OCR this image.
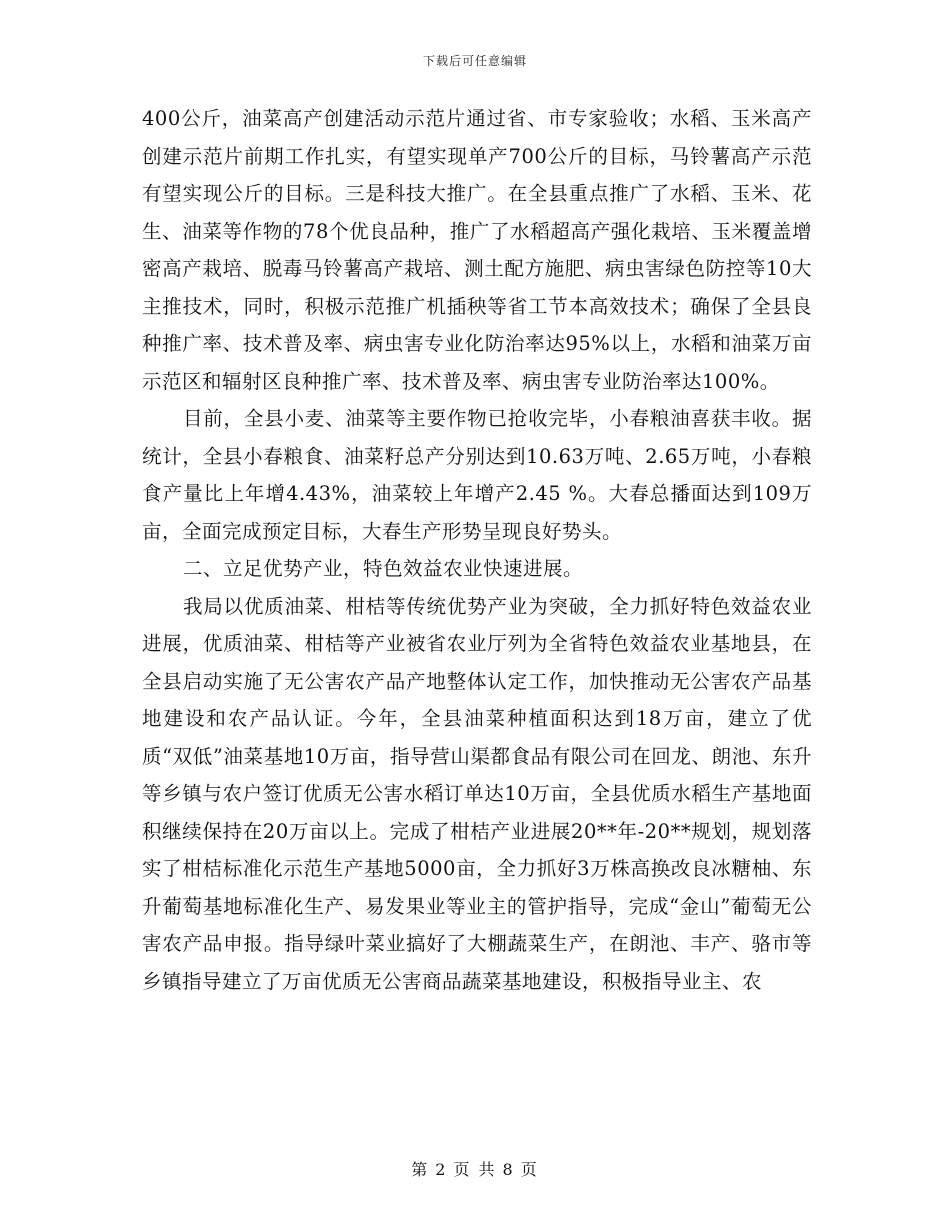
下载后可任意编辑

400公斤，油菜高产创建活动示范片通过省、市专家验收；水稻、玉米高产创建示范片前期工作扎实，有望实现单产700公斤的目标，马铃薯高产示范有望实现公斤的目标。三是科技大推广。在全县重点推广了水稻、玉米、花生、油菜等作物的78个优良品种，推广了水稻超高产强化栽培、玉米覆盖增密高产栽培、脱毒马铃薯高产栽培、测土配方施肥、病虫害绿色防控等10大主推技术，同时，积极示范推广机插秧等省工节本高效技术；确保了全县良种推广率、技术普及率、病虫害专业化防治率达95%以上，水稻和油菜万亩示范区和辐射区良种推广率、技术普及率、病虫害专业防治率达100%。

目前，全县小麦、油菜等主要作物已抢收完毕，小春粮油喜获丰收。据统计，全县小春粮食、油菜籽总产分别达到10.63万吨、2.65万吨，小春粮食产量比上年增4.43%，油菜较上年增产2.45 %。大春总播面达到109万亩，全面完成预定目标，大春生产形势呈现良好势头。

二、立足优势产业，特色效益农业快速进展。

我局以优质油菜、柑桔等传统优势产业为突破，全力抓好特色效益农业进展，优质油菜、柑桔等产业被省农业厅列为全省特色效益农业基地县，在全县启动实施了无公害农产品产地整体认定工作，加快推动无公害农产品基地建设和农产品认证。今年，全县油菜种植面积达到18万亩，建立了优质“双低”油菜基地10万亩，指导营山渠都食品有限公司在回龙、朗池、东升等乡镇与农户签订优质无公害水稻订单达10万亩，全县优质水稻生产基地面积继续保持在20万亩以上。完成了柑桔产业进展20**年-20**规划，规划落实了柑桔标准化示范生产基地5000亩，全力抓好3万株高换改良冰糖柚、东升葡萄基地标准化生产、易发果业等业主的管护指导，完成“金山”葡萄无公害农产品申报。指导绿叶菜业搞好了大棚蔬菜生产，在朗池、丰产、骆市等乡镇指导建立了万亩优质无公害商品蔬菜基地建设，积极指导业主、农

第 2 页 共 8 页
